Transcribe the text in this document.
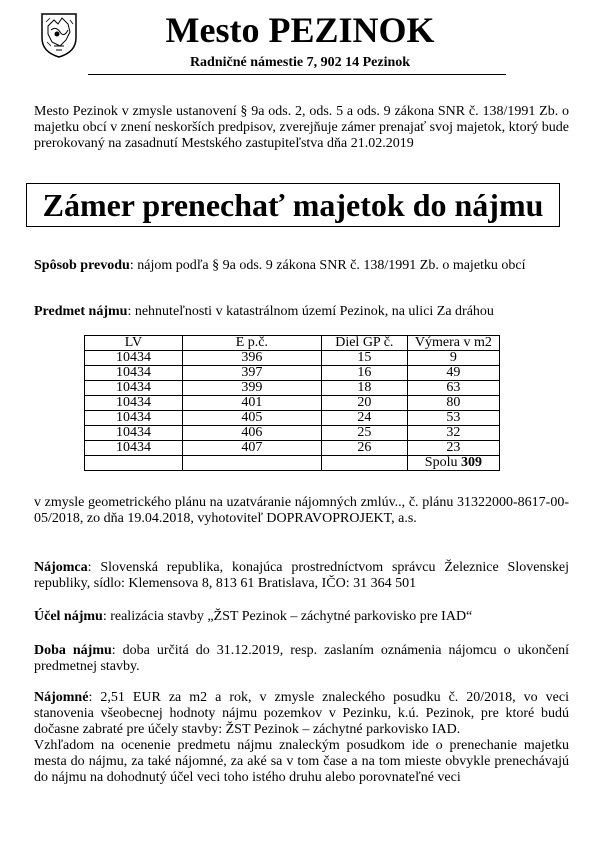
Mesto PEZINOK
Radničné námestie 7, 902 14 Pezinok
Mesto Pezinok v zmysle ustanovení § 9a ods. 2, ods. 5 a ods. 9 zákona SNR č. 138/1991 Zb. o majetku obcí v znení neskorších predpisov, zverejňuje zámer prenajať svoj majetok, ktorý bude prerokovaný na zasadnutí Mestského zastupiteľstva dňa 21.02.2019
Zámer prenechať majetok do nájmu
Spôsob prevodu: nájom podľa § 9a ods. 9 zákona SNR č. 138/1991 Zb. o majetku obcí
Predmet nájmu: nehnuteľnosti v katastrálnom území Pezinok, na ulici Za dráhou
LV	E p.č.	Diel GP č.	Výmera v m2
10434	396	15	9
10434	397	16	49
10434	399	18	63
10434	401	20	80
10434	405	24	53
10434	406	25	32
10434	407	26	23
			Spolu 309
v zmysle geometrického plánu na uzatváranie nájomných zmlúv.., č. plánu 31322000-8617-00-05/2018, zo dňa 19.04.2018, vyhotoviteľ DOPRAVOPROJEKT, a.s.
Nájomca: Slovenská republika, konajúca prostredníctvom správcu Železnice Slovenskej republiky, sídlo: Klemensova 8, 813 61 Bratislava, IČO: 31 364 501
Účel nájmu: realizácia stavby „ŽST Pezinok – záchytné parkovisko pre IAD“
Doba nájmu: doba určitá do 31.12.2019, resp. zaslaním oznámenia nájomcu o ukončení predmetnej stavby.
Nájomné: 2,51 EUR za m2 a rok, v zmysle znaleckého posudku č. 20/2018, vo veci stanovenia všeobecnej hodnoty nájmu pozemkov v Pezinku, k.ú. Pezinok, pre ktoré budú dočasne zabraté pre účely stavby: ŽST Pezinok – záchytné parkovisko IAD.
Vzhľadom na ocenenie predmetu nájmu znaleckým posudkom ide o prenechanie majetku mesta do nájmu, za také nájomné, za aké sa v tom čase a na tom mieste obvykle prenechávajú do nájmu na dohodnutý účel veci toho istého druhu alebo porovnateľné veci
